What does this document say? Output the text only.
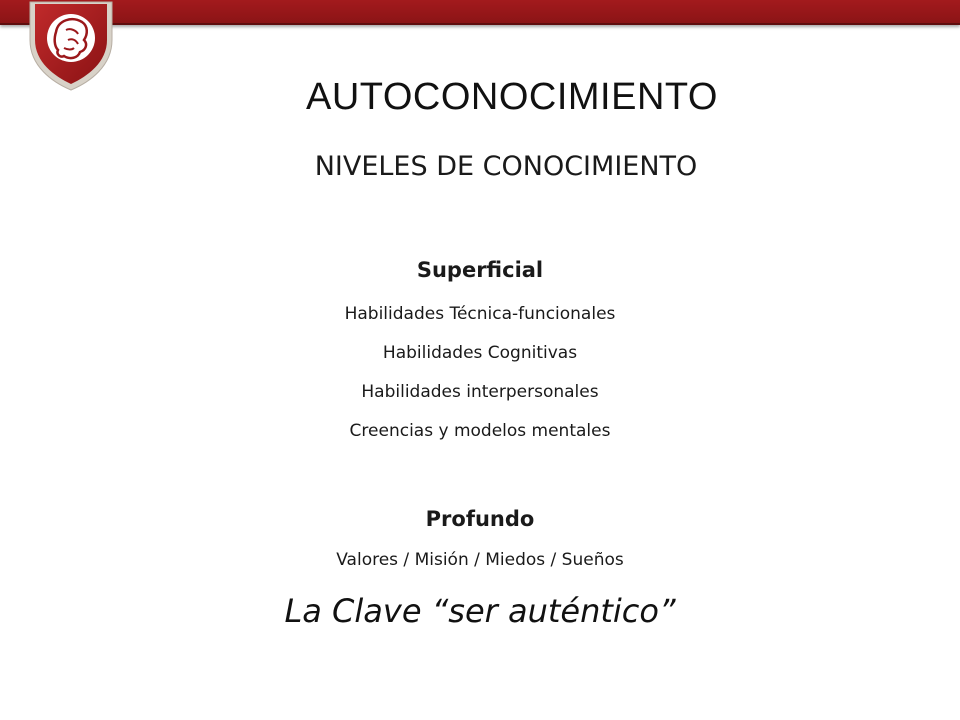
AUTOCONOCIMIENTO
NIVELES DE CONOCIMIENTO
Superficial
Habilidades Técnica-funcionales
Habilidades Cognitivas
Habilidades interpersonales
Creencias y modelos mentales
Profundo
Valores / Misión / Miedos / Sueños
La Clave “ser auténtico”
